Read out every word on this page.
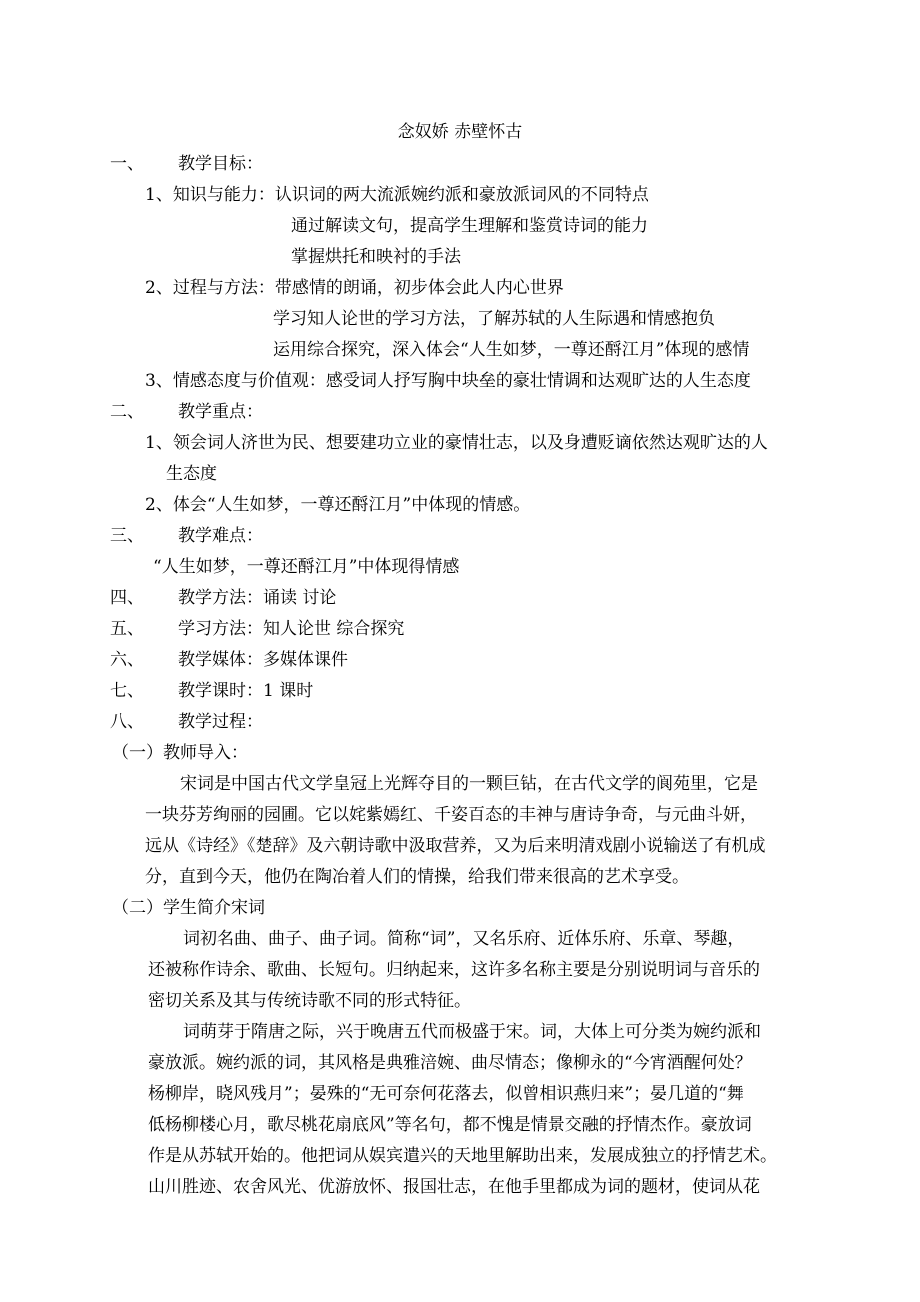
念奴娇 赤壁怀古
一、 教学目标：
1、知识与能力：认识词的两大流派婉约派和豪放派词风的不同特点
通过解读文句，提高学生理解和鉴赏诗词的能力
掌握烘托和映衬的手法
2、过程与方法：带感情的朗诵，初步体会此人内心世界
学习知人论世的学习方法，了解苏轼的人生际遇和情感抱负
运用综合探究，深入体会“人生如梦，一尊还酹江月”体现的感情
3、情感态度与价值观：感受词人抒写胸中块垒的豪壮情调和达观旷达的人生态度
二、 教学重点：
1、领会词人济世为民、想要建功立业的豪情壮志，以及身遭贬谪依然达观旷达的人
生态度
2、体会“人生如梦，一尊还酹江月”中体现的情感。
三、 教学难点：
“人生如梦，一尊还酹江月”中体现得情感
四、 教学方法：诵读 讨论
五、 学习方法：知人论世 综合探究
六、 教学媒体：多媒体课件
七、 教学课时：1 课时
八、 教学过程：
（一）教师导入：
宋词是中国古代文学皇冠上光辉夺目的一颗巨钻，在古代文学的阆苑里，它是
一块芬芳绚丽的园圃。它以姹紫嫣红、千姿百态的丰神与唐诗争奇，与元曲斗妍，
远从《诗经》《楚辞》及六朝诗歌中汲取营养，又为后来明清戏剧小说输送了有机成
分，直到今天，他仍在陶冶着人们的情操，给我们带来很高的艺术享受。
（二）学生简介宋词
词初名曲、曲子、曲子词。简称“词”，又名乐府、近体乐府、乐章、琴趣，
还被称作诗余、歌曲、长短句。归纳起来，这许多名称主要是分别说明词与音乐的
密切关系及其与传统诗歌不同的形式特征。
词萌芽于隋唐之际，兴于晚唐五代而极盛于宋。词，大体上可分类为婉约派和
豪放派。婉约派的词，其风格是典雅涪婉、曲尽情态；像柳永的“今宵酒醒何处？
杨柳岸，晓风残月”；晏殊的“无可奈何花落去，似曾相识燕归来”；晏几道的“舞
低杨柳楼心月，歌尽桃花扇底风”等名句，都不愧是情景交融的抒情杰作。豪放词
作是从苏轼开始的。他把词从娱宾遣兴的天地里解助出来，发展成独立的抒情艺术。
山川胜迹、农舍风光、优游放怀、报国壮志，在他手里都成为词的题材，使词从花
